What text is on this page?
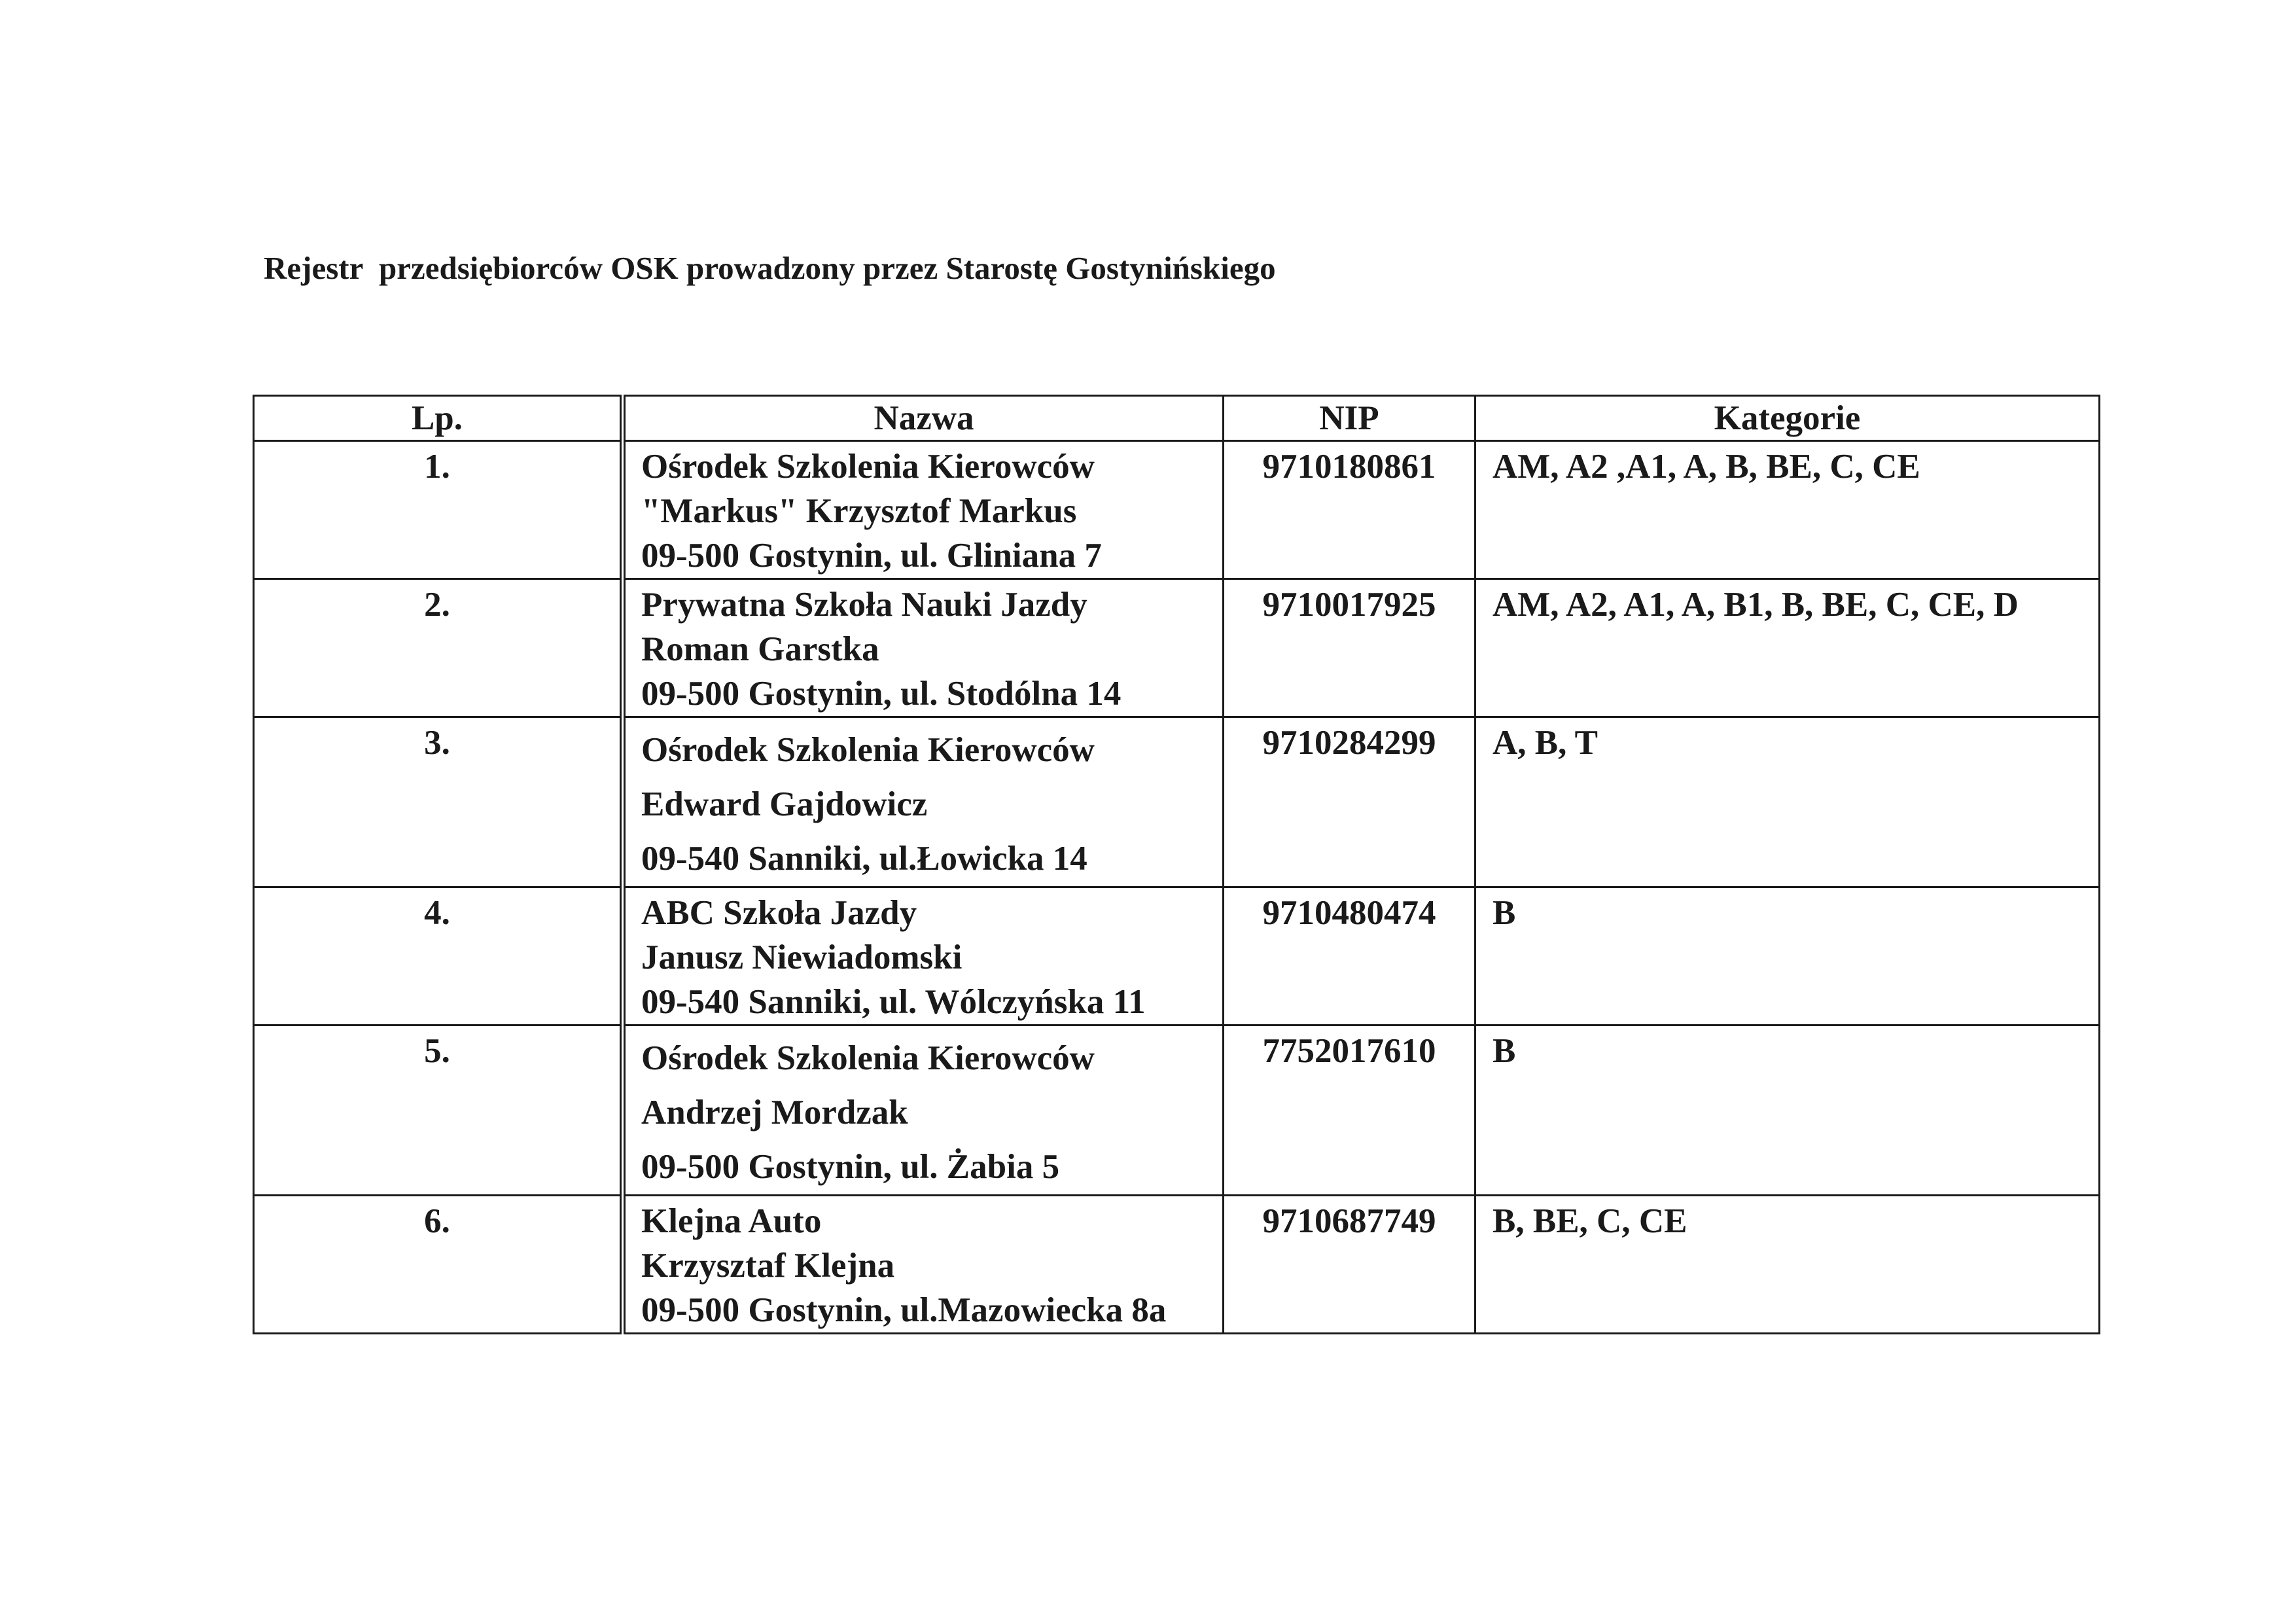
Rejestr  przedsiębiorców OSK prowadzony przez Starostę Gostynińskiego
Lp.	Nazwa	NIP	Kategorie

1.	Ośrodek Szkolenia Kierowców
"Markus" Krzysztof Markus
09-500 Gostynin, ul. Gliniana 7	9710180861	AM, A2 ,A1, A, B, BE, C, CE

2.	Prywatna Szkoła Nauki Jazdy
Roman Garstka
09-500 Gostynin, ul. Stodólna 14	9710017925	AM, A2, A1, A, B1, B, BE, C, CE, D

3.	Ośrodek Szkolenia Kierowców
Edward Gajdowicz
09-540 Sanniki, ul.Łowicka 14	9710284299	A, B, T

4.	ABC Szkoła Jazdy
Janusz Niewiadomski
09-540 Sanniki, ul. Wólczyńska 11	9710480474	B

5.	Ośrodek Szkolenia Kierowców
Andrzej Mordzak
09-500 Gostynin, ul. Żabia 5	7752017610	B

6.	Klejna Auto
Krzysztaf Klejna
09-500 Gostynin, ul.Mazowiecka 8a	9710687749	B, BE, C, CE
